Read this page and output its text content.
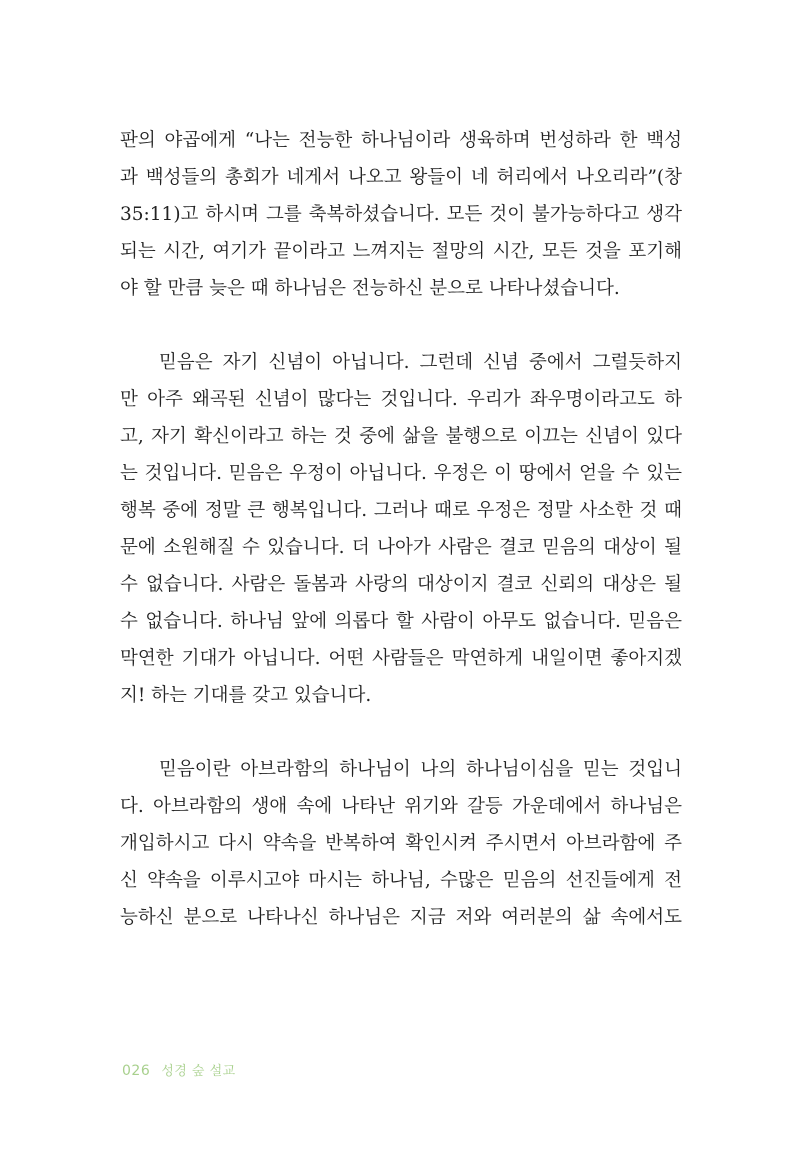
판의 야곱에게 “나는 전능한 하나님이라 생육하며 번성하라 한 백성
과 백성들의 총회가 네게서 나오고 왕들이 네 허리에서 나오리라”(창
35:11)고 하시며 그를 축복하셨습니다. 모든 것이 불가능하다고 생각
되는 시간, 여기가 끝이라고 느껴지는 절망의 시간, 모든 것을 포기해
야 할 만큼 늦은 때 하나님은 전능하신 분으로 나타나셨습니다.
믿음은 자기 신념이 아닙니다. 그런데 신념 중에서 그럴듯하지
만 아주 왜곡된 신념이 많다는 것입니다. 우리가 좌우명이라고도 하
고, 자기 확신이라고 하는 것 중에 삶을 불행으로 이끄는 신념이 있다
는 것입니다. 믿음은 우정이 아닙니다. 우정은 이 땅에서 얻을 수 있는
행복 중에 정말 큰 행복입니다. 그러나 때로 우정은 정말 사소한 것 때
문에 소원해질 수 있습니다. 더 나아가 사람은 결코 믿음의 대상이 될
수 없습니다. 사람은 돌봄과 사랑의 대상이지 결코 신뢰의 대상은 될
수 없습니다. 하나님 앞에 의롭다 할 사람이 아무도 없습니다. 믿음은
막연한 기대가 아닙니다. 어떤 사람들은 막연하게 내일이면 좋아지겠
지! 하는 기대를 갖고 있습니다.
믿음이란 아브라함의 하나님이 나의 하나님이심을 믿는 것입니
다. 아브라함의 생애 속에 나타난 위기와 갈등 가운데에서 하나님은
개입하시고 다시 약속을 반복하여 확인시켜 주시면서 아브라함에 주
신 약속을 이루시고야 마시는 하나님, 수많은 믿음의 선진들에게 전
능하신 분으로 나타나신 하나님은 지금 저와 여러분의 삶 속에서도
026 성경 숲 설교
